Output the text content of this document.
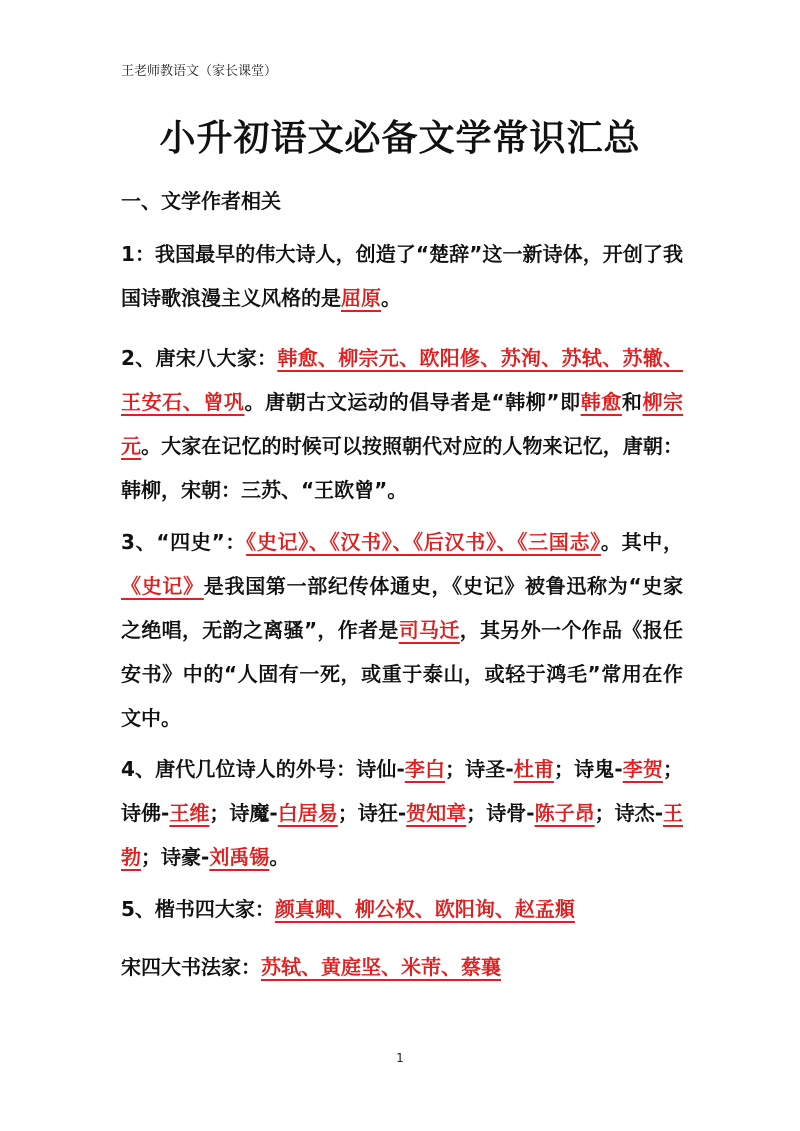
王老师教语文（家长课堂）
小升初语文必备文学常识汇总
一、文学作者相关
1：我国最早的伟大诗人，创造了“楚辞”这一新诗体，开创了我国诗歌浪漫主义风格的是屈原。
2、唐宋八大家：韩愈、柳宗元、欧阳修、苏洵、苏轼、苏辙、王安石、曾巩。唐朝古文运动的倡导者是“韩柳”即韩愈和柳宗元。大家在记忆的时候可以按照朝代对应的人物来记忆，唐朝：韩柳，宋朝：三苏、“王欧曾”。
3、“四史”：《史记》、《汉书》、《后汉书》、《三国志》。其中，《史记》是我国第一部纪传体通史，《史记》被鲁迅称为“史家之绝唱，无韵之离骚”，作者是司马迁，其另外一个作品《报任安书》中的“人固有一死，或重于泰山，或轻于鸿毛”常用在作文中。
4、唐代几位诗人的外号：诗仙-李白；诗圣-杜甫；诗鬼-李贺；诗佛-王维；诗魔-白居易；诗狂-贺知章；诗骨-陈子昂；诗杰-王勃；诗豪-刘禹锡。
5、楷书四大家：颜真卿、柳公权、欧阳询、赵孟頫
宋四大书法家：苏轼、黄庭坚、米芾、蔡襄
1
